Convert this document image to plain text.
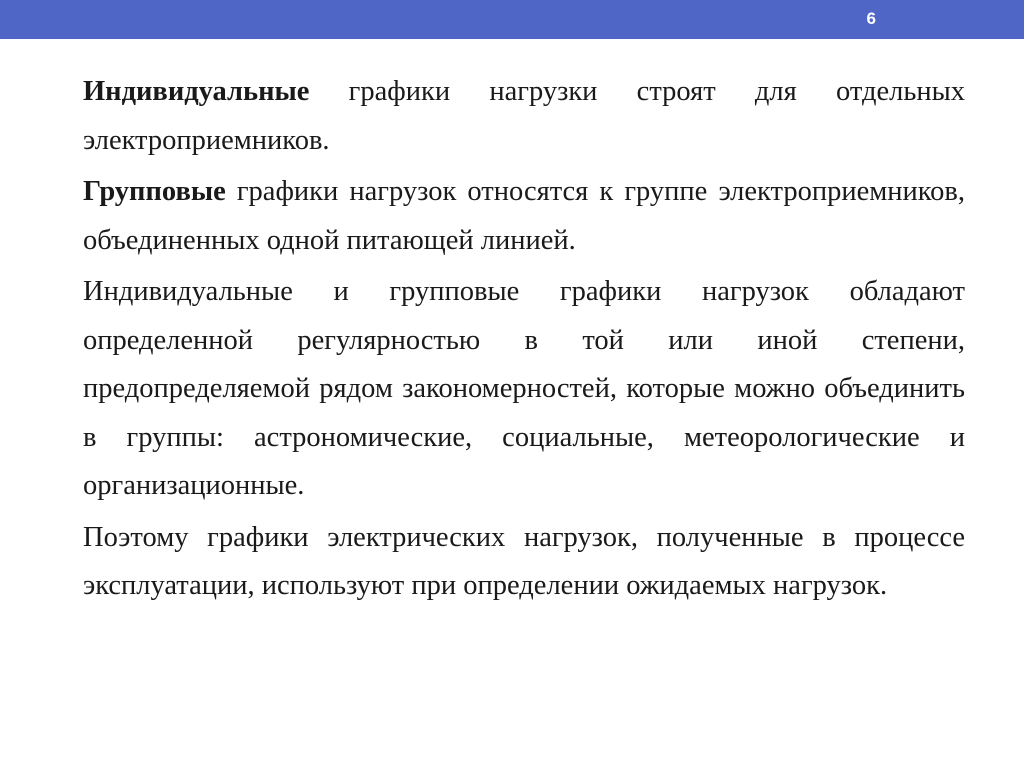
6

Индивидуальные графики нагрузки строят для отдельных электроприемников.

Групповые графики нагрузок относятся к группе электроприемников, объединенных одной питающей линией.

Индивидуальные и групповые графики нагрузок обладают определенной регулярностью в той или иной степени, предопределяемой рядом закономерностей, которые можно объединить в группы: астрономические, социальные, метеорологические и организационные.

Поэтому графики электрических нагрузок, полученные в процессе эксплуатации, используют при определении ожидаемых нагрузок.
